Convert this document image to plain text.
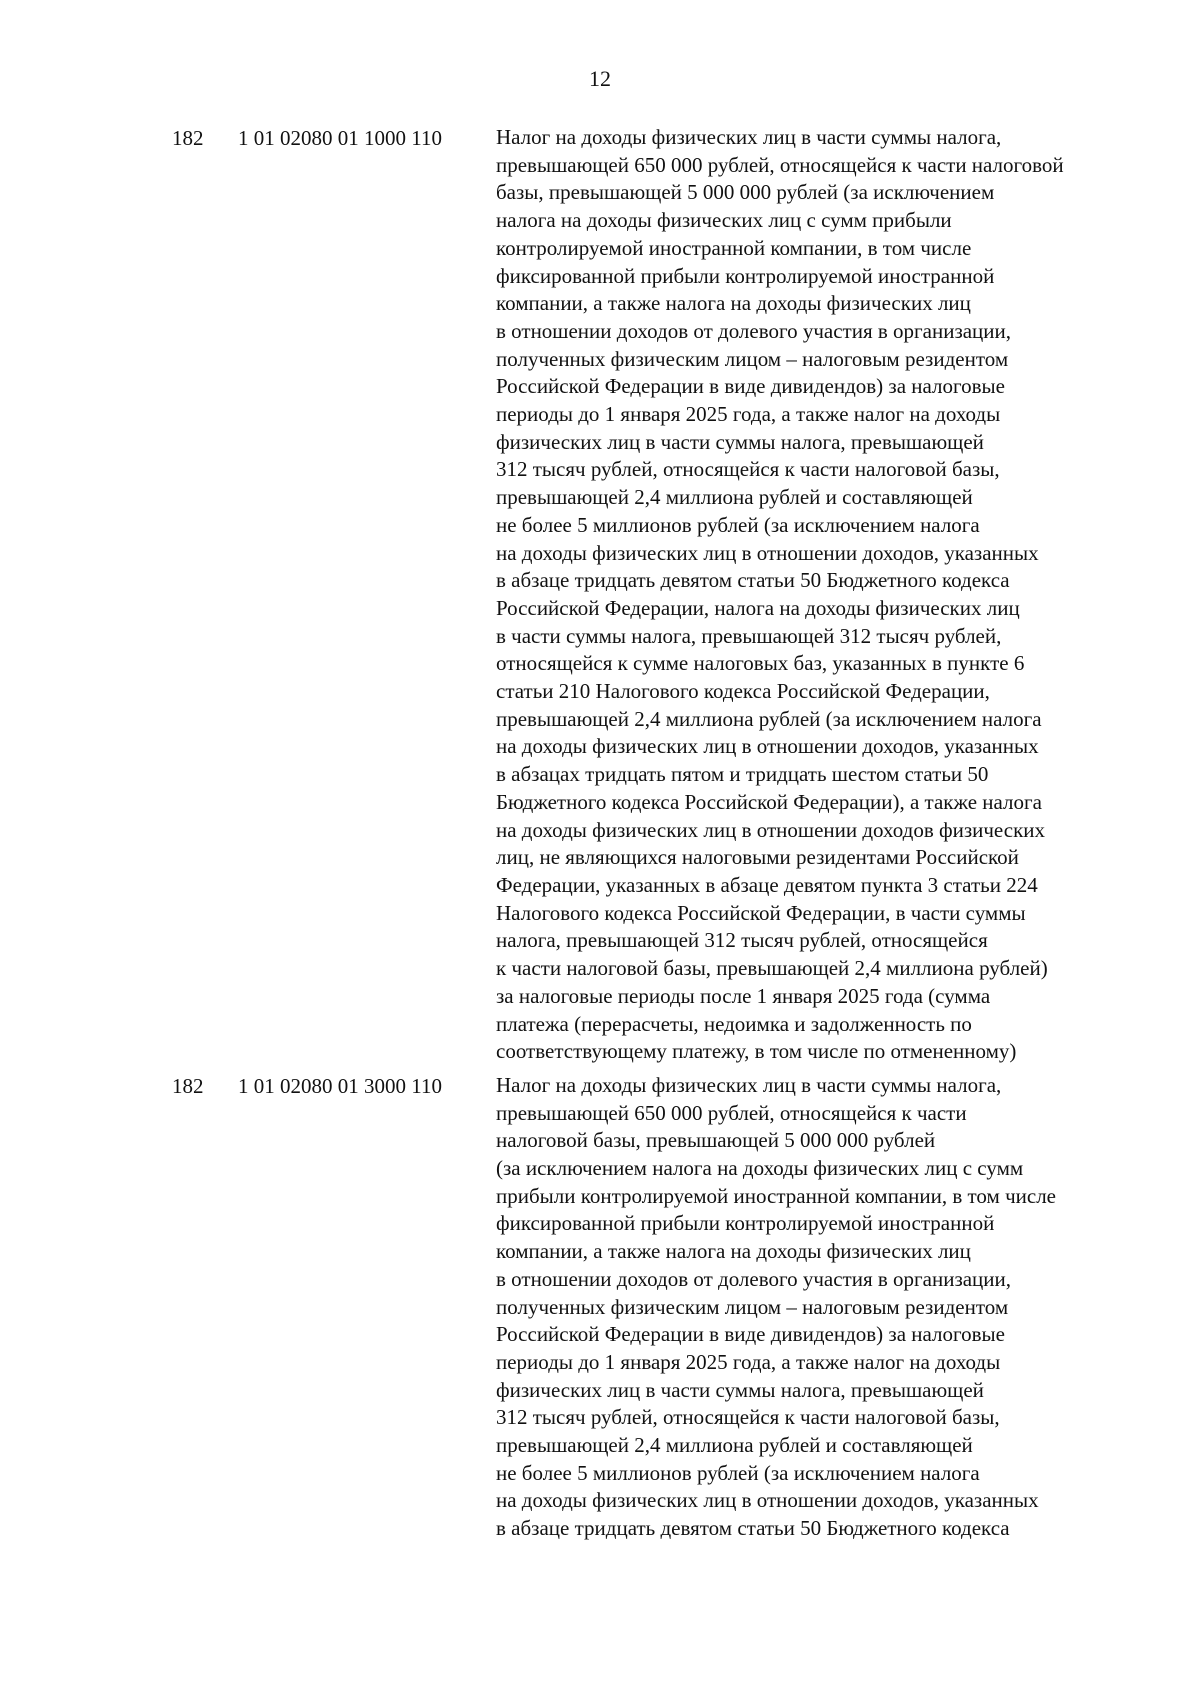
12
182 1 01 02080 01 1000 110	Налог на доходы физических лиц в части суммы налога,
превышающей 650 000 рублей, относящейся к части налоговой
базы, превышающей 5 000 000 рублей (за исключением
налога на доходы физических лиц с сумм прибыли
контролируемой иностранной компании, в том числе
фиксированной прибыли контролируемой иностранной
компании, а также налога на доходы физических лиц
в отношении доходов от долевого участия в организации,
полученных физическим лицом – налоговым резидентом
Российской Федерации в виде дивидендов) за налоговые
периоды до 1 января 2025 года, а также налог на доходы
физических лиц в части суммы налога, превышающей
312 тысяч рублей, относящейся к части налоговой базы,
превышающей 2,4 миллиона рублей и составляющей
не более 5 миллионов рублей (за исключением налога
на доходы физических лиц в отношении доходов, указанных
в абзаце тридцать девятом статьи 50 Бюджетного кодекса
Российской Федерации, налога на доходы физических лиц
в части суммы налога, превышающей 312 тысяч рублей,
относящейся к сумме налоговых баз, указанных в пункте 6
статьи 210 Налогового кодекса Российской Федерации,
превышающей 2,4 миллиона рублей (за исключением налога
на доходы физических лиц в отношении доходов, указанных
в абзацах тридцать пятом и тридцать шестом статьи 50
Бюджетного кодекса Российской Федерации), а также налога
на доходы физических лиц в отношении доходов физических
лиц, не являющихся налоговыми резидентами Российской
Федерации, указанных в абзаце девятом пункта 3 статьи 224
Налогового кодекса Российской Федерации, в части суммы
налога, превышающей 312 тысяч рублей, относящейся
к части налоговой базы, превышающей 2,4 миллиона рублей)
за налоговые периоды после 1 января 2025 года (сумма
платежа (перерасчеты, недоимка и задолженность по
соответствующему платежу, в том числе по отмененному)
182 1 01 02080 01 3000 110	Налог на доходы физических лиц в части суммы налога,
превышающей 650 000 рублей, относящейся к части
налоговой базы, превышающей 5 000 000 рублей
(за исключением налога на доходы физических лиц с сумм
прибыли контролируемой иностранной компании, в том числе
фиксированной прибыли контролируемой иностранной
компании, а также налога на доходы физических лиц
в отношении доходов от долевого участия в организации,
полученных физическим лицом – налоговым резидентом
Российской Федерации в виде дивидендов) за налоговые
периоды до 1 января 2025 года, а также налог на доходы
физических лиц в части суммы налога, превышающей
312 тысяч рублей, относящейся к части налоговой базы,
превышающей 2,4 миллиона рублей и составляющей
не более 5 миллионов рублей (за исключением налога
на доходы физических лиц в отношении доходов, указанных
в абзаце тридцать девятом статьи 50 Бюджетного кодекса
